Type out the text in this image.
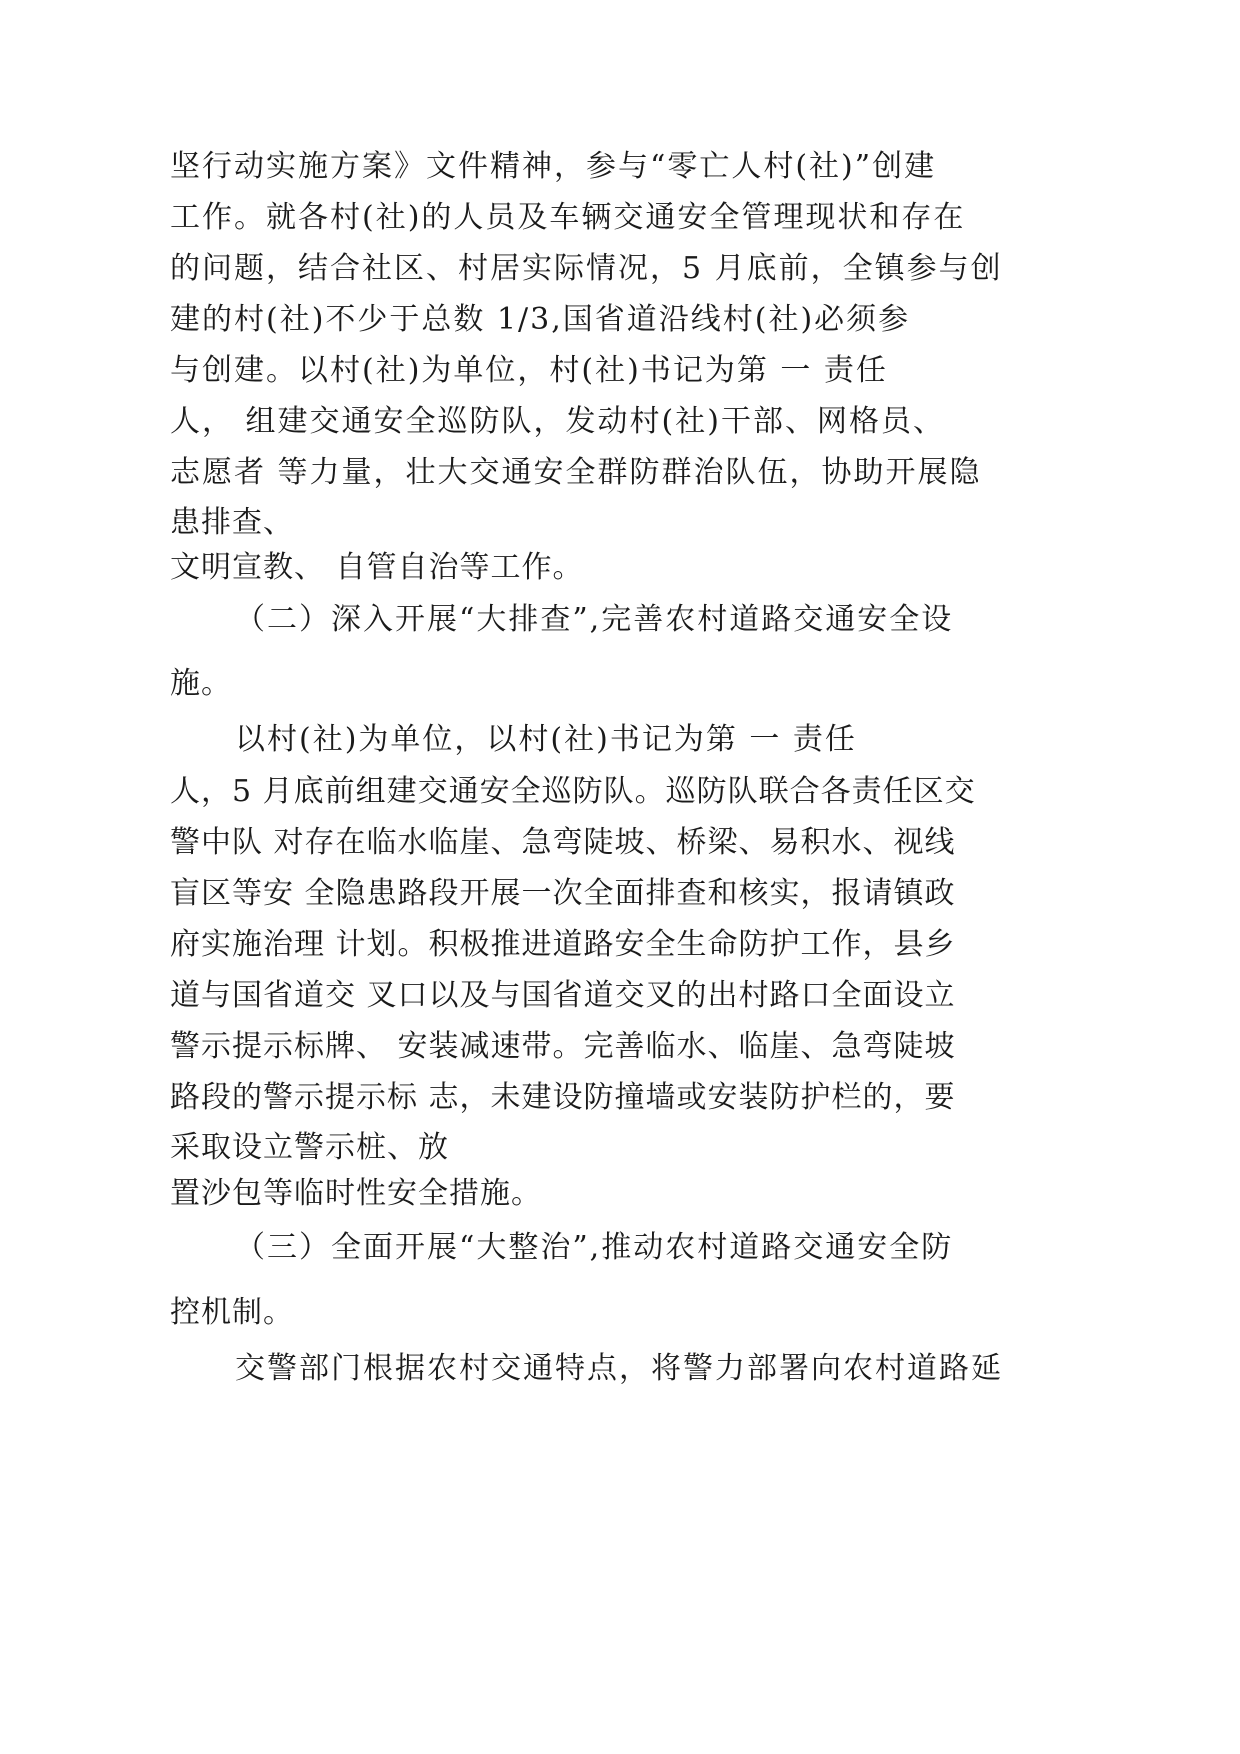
坚行动实施方案》文件精神，参与“零亡人村(社)”创建

工作。就各村(社)的人员及车辆交通安全管理现状和存在

的问题，结合社区、村居实际情况，5 月底前，全镇参与创

建的村(社)不少于总数 1/3,国省道沿线村(社)必须参

与创建。以村(社)为单位，村(社)书记为第 一 责任

人， 组建交通安全巡防队，发动村(社)干部、网格员、

志愿者 等力量，壮大交通安全群防群治队伍，协助开展隐

患排查、

文明宣教、 自管自治等工作。

（二）深入开展“大排查”,完善农村道路交通安全设

施。

以村(社)为单位，以村(社)书记为第 一 责任

人，5 月底前组建交通安全巡防队。巡防队联合各责任区交

警中队 对存在临水临崖、急弯陡坡、桥梁、易积水、视线

盲区等安 全隐患路段开展一次全面排查和核实，报请镇政

府实施治理 计划。积极推进道路安全生命防护工作，县乡

道与国省道交 叉口以及与国省道交叉的出村路口全面设立

警示提示标牌、 安装减速带。完善临水、临崖、急弯陡坡

路段的警示提示标 志，未建设防撞墙或安装防护栏的，要

采取设立警示桩、放

置沙包等临时性安全措施。

（三）全面开展“大整治”,推动农村道路交通安全防

控机制。

交警部门根据农村交通特点，将警力部署向农村道路延
